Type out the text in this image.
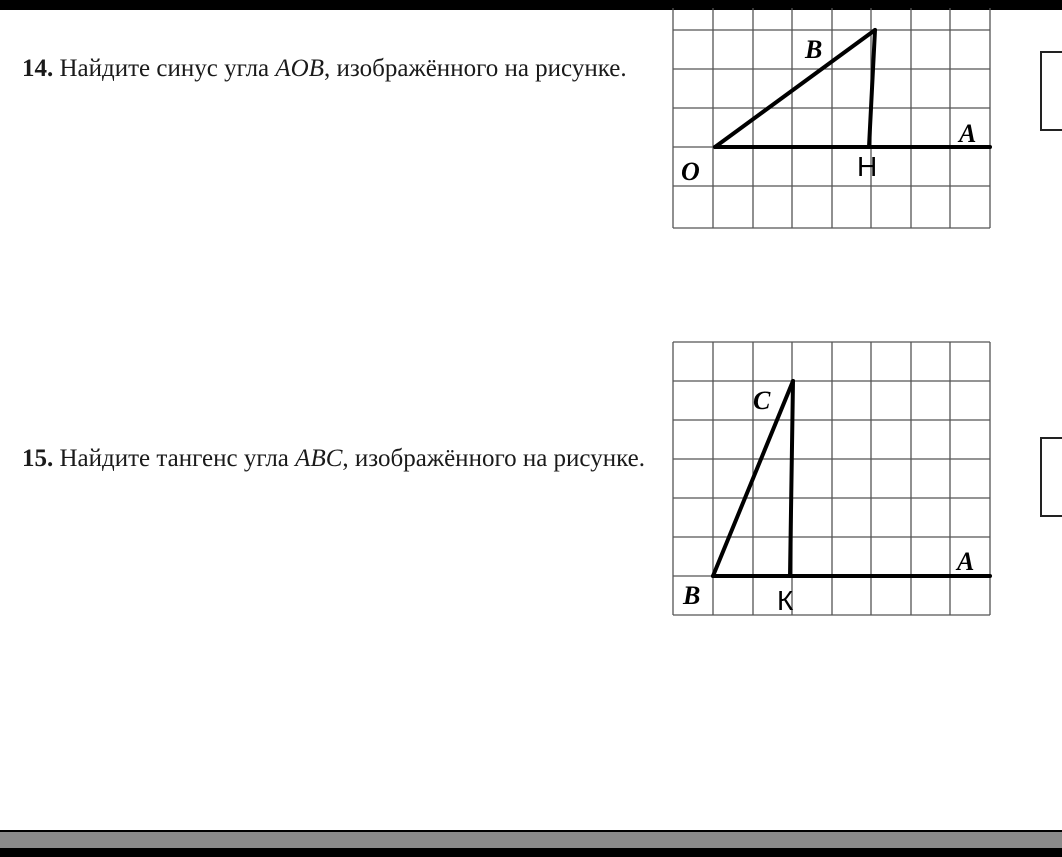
14. Найдите синус угла AOB, изображённого на рисунке.
O
B
A
Н
15. Найдите тангенс угла ABC, изображённого на рисунке.
B
C
A
К
